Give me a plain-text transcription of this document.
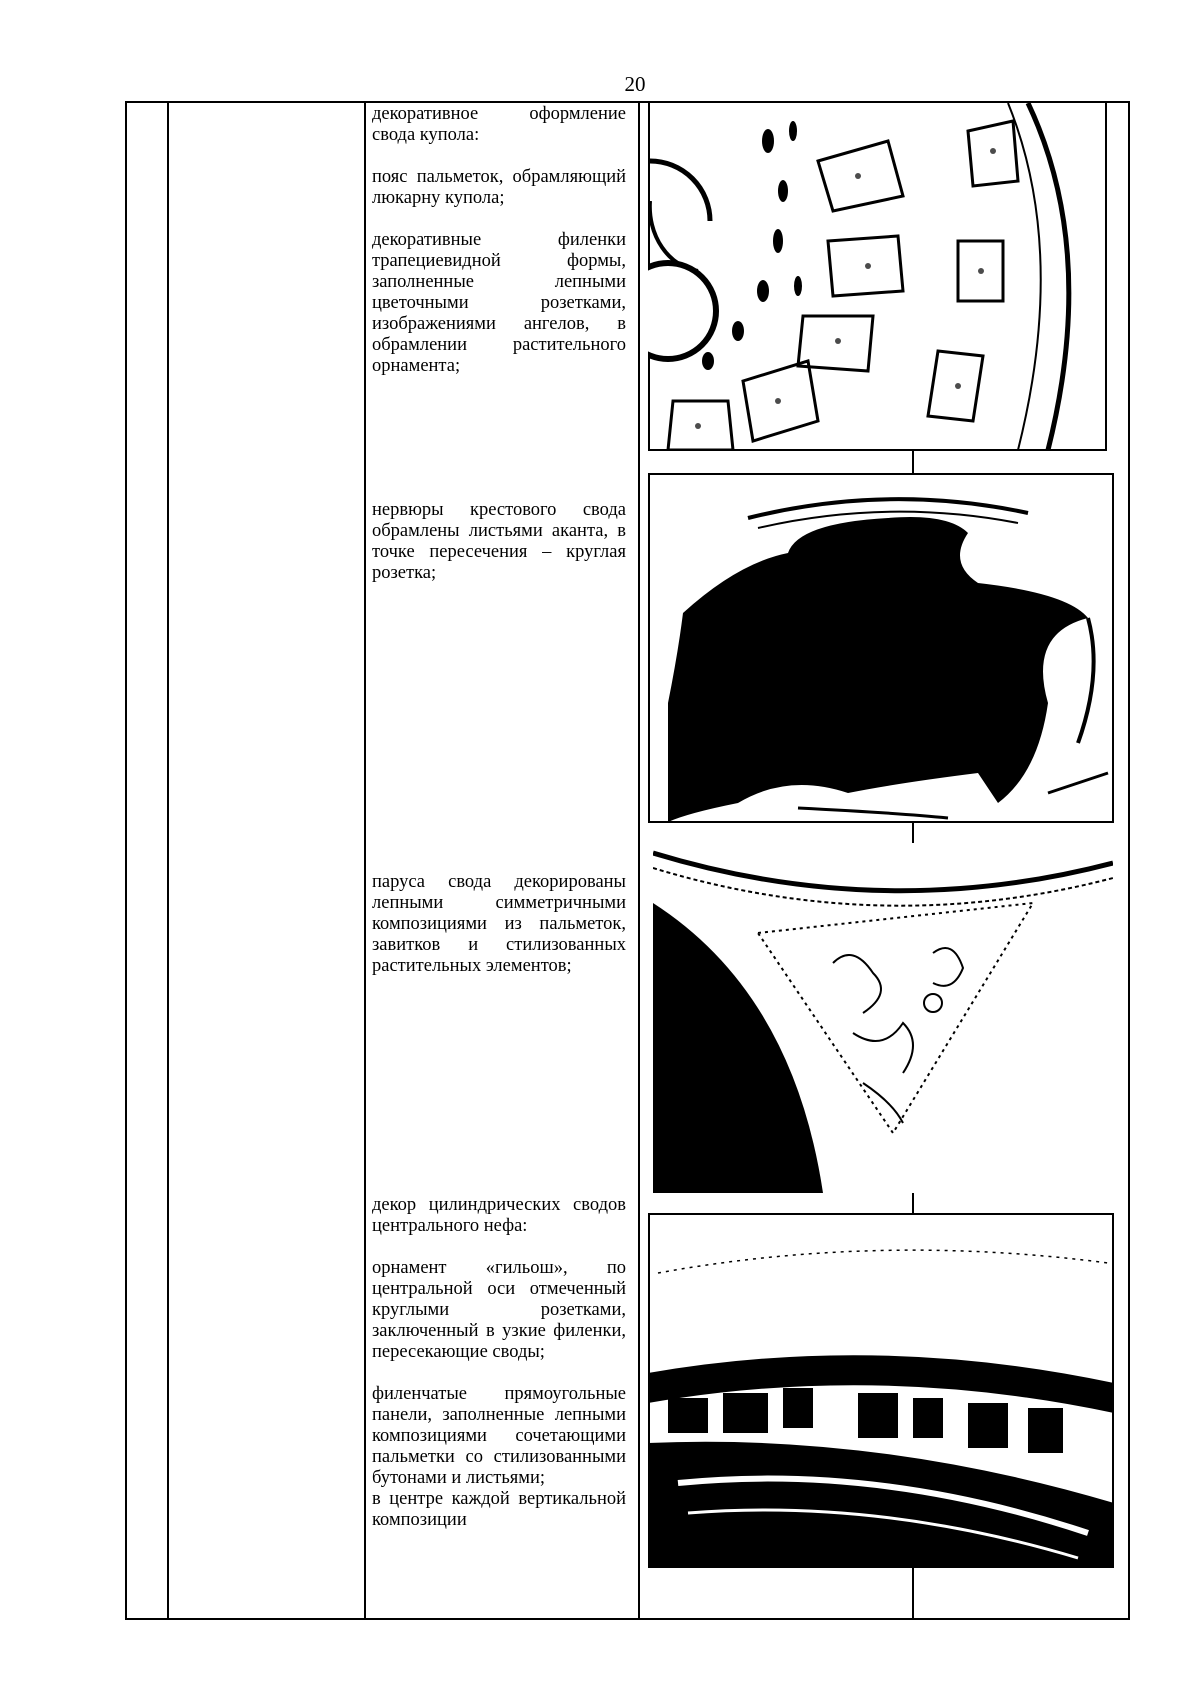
20

декоративное оформление свода купола:

пояс пальметок, обрамляющий люкарну купола;

декоративные филенки трапециевидной формы, заполненные лепными цветочными розетками, изображениями ангелов, в обрамлении растительного орнамента;

нервюры крестового свода обрамлены листьями аканта, в точке пересечения – круглая розетка;

паруса свода декорированы лепными симметричными композициями из пальметок, завитков и стилизованных растительных элементов;

декор цилиндрических сводов центрального нефа:

орнамент «гильош», по центральной оси отмеченный круглыми розетками, заключенный в узкие филенки, пересекающие своды;

филенчатые прямоугольные панели, заполненные лепными композициями сочетающими пальметки со стилизованными бутонами и листьями;

в центре каждой вертикальной композиции
